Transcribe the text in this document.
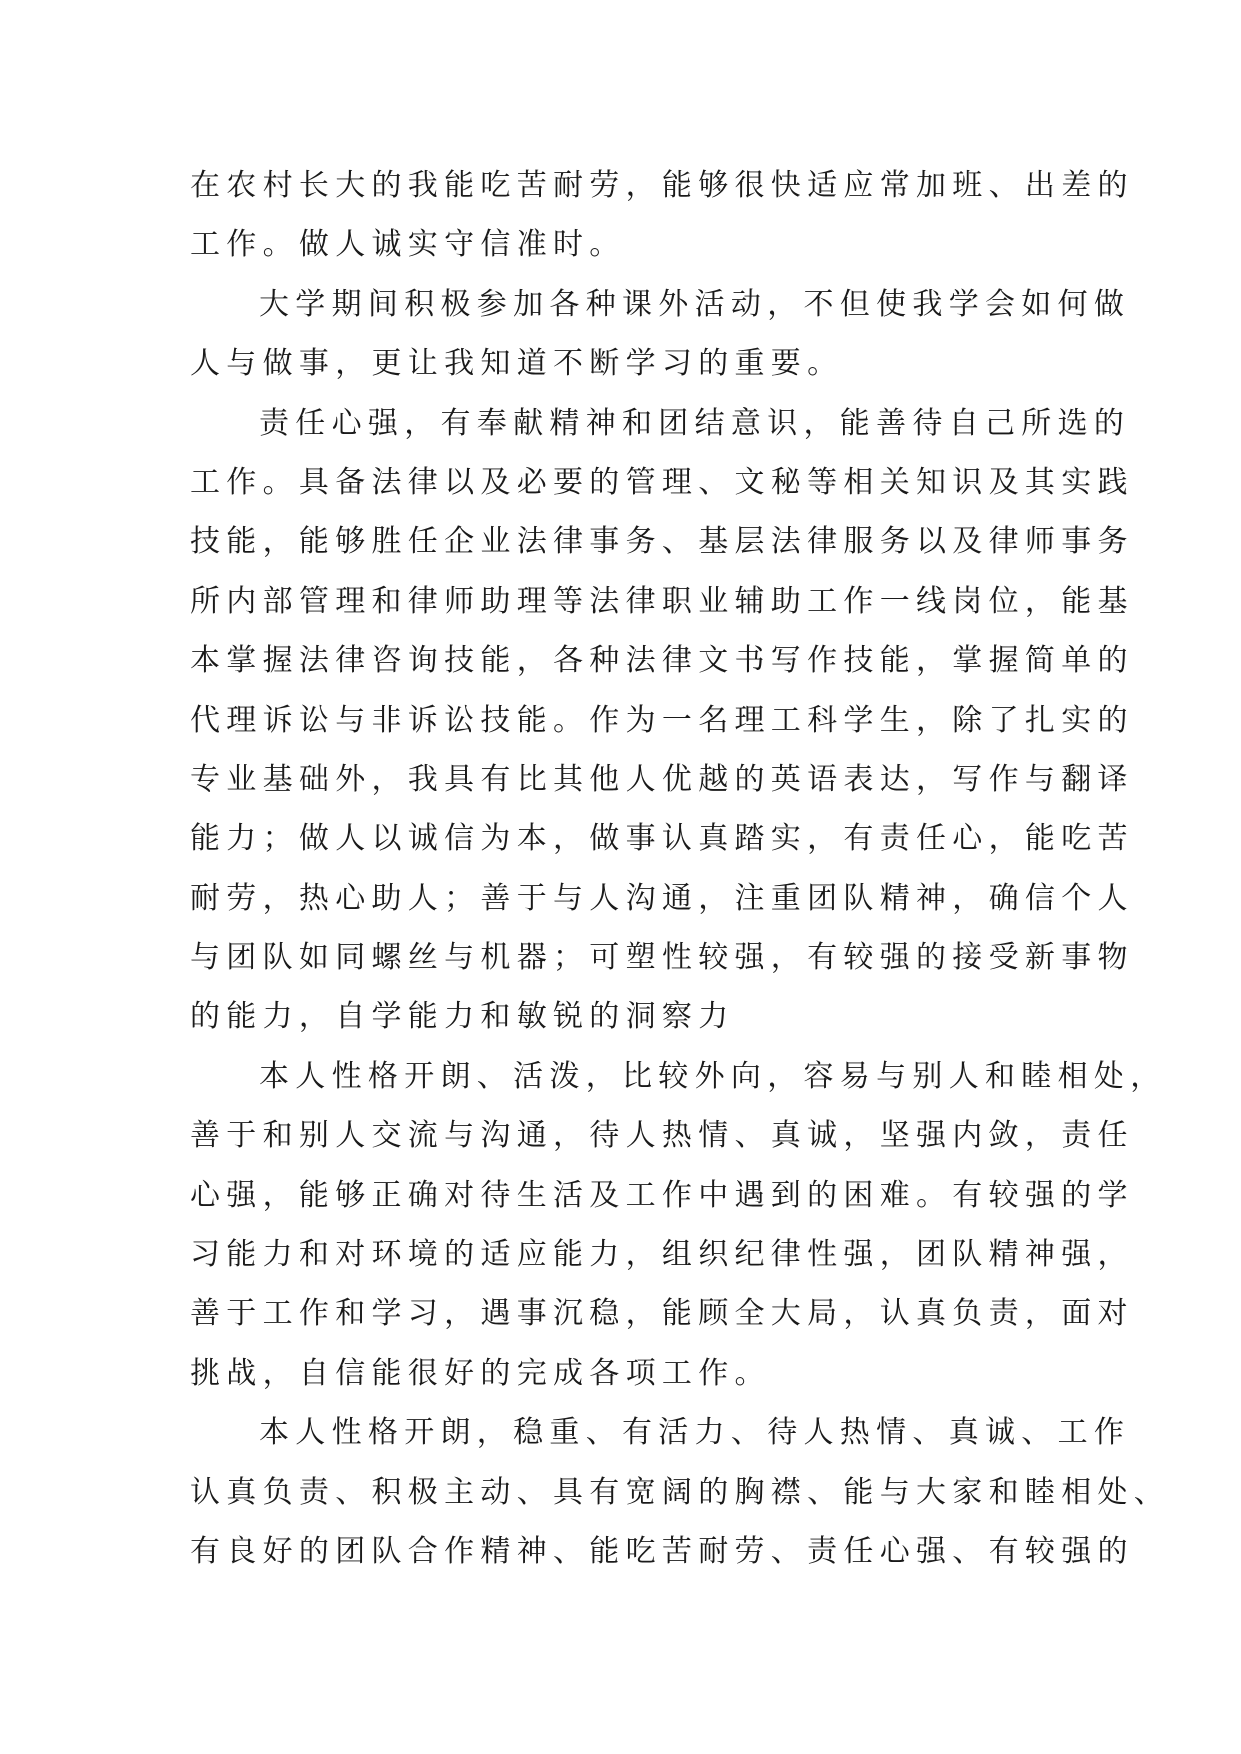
在农村长大的我能吃苦耐劳，能够很快适应常加班、出差的
工作。做人诚实守信准时。
大学期间积极参加各种课外活动，不但使我学会如何做
人与做事，更让我知道不断学习的重要。
责任心强，有奉献精神和团结意识，能善待自己所选的
工作。具备法律以及必要的管理、文秘等相关知识及其实践
技能，能够胜任企业法律事务、基层法律服务以及律师事务
所内部管理和律师助理等法律职业辅助工作一线岗位，能基
本掌握法律咨询技能，各种法律文书写作技能，掌握简单的
代理诉讼与非诉讼技能。作为一名理工科学生，除了扎实的
专业基础外，我具有比其他人优越的英语表达，写作与翻译
能力；做人以诚信为本，做事认真踏实，有责任心，能吃苦
耐劳，热心助人；善于与人沟通，注重团队精神，确信个人
与团队如同螺丝与机器；可塑性较强，有较强的接受新事物
的能力，自学能力和敏锐的洞察力
本人性格开朗、活泼，比较外向，容易与别人和睦相处，
善于和别人交流与沟通，待人热情、真诚，坚强内敛，责任
心强，能够正确对待生活及工作中遇到的困难。有较强的学
习能力和对环境的适应能力，组织纪律性强，团队精神强，
善于工作和学习，遇事沉稳，能顾全大局，认真负责，面对
挑战，自信能很好的完成各项工作。
本人性格开朗，稳重、有活力、待人热情、真诚、工作
认真负责、积极主动、具有宽阔的胸襟、能与大家和睦相处、
有良好的团队合作精神、能吃苦耐劳、责任心强、有较强的
